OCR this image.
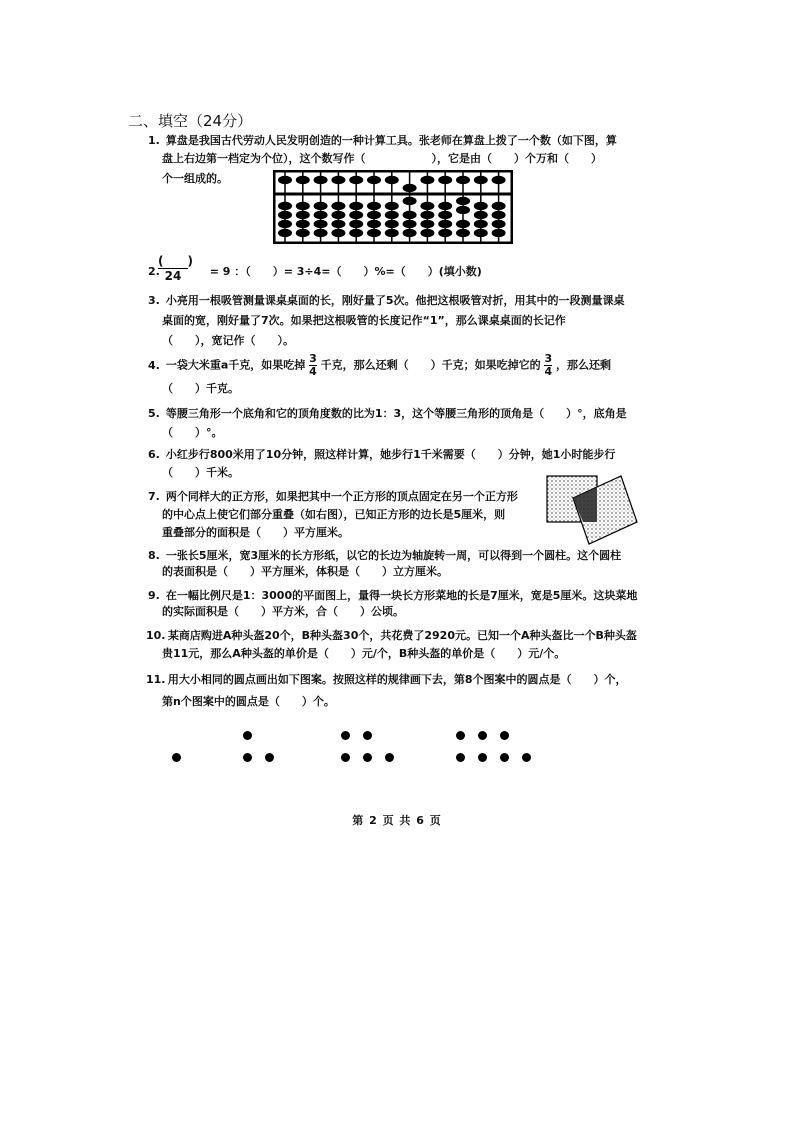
二、填空（24分）
1. 算盘是我国古代劳动人民发明创造的一种计算工具。张老师在算盘上拨了一个数（如下图，算
盘上右边第一档定为个位），这个数写作（　　　　　　），它是由（　　）个万和（　　）
个一组成的。
(　　)
24
2.	= 9 ：（　　）= 3÷4=（　　）%=（　　）(填小数)
3. 小亮用一根吸管测量课桌桌面的长，刚好量了5次。他把这根吸管对折，用其中的一段测量课桌
桌面的宽，刚好量了7次。如果把这根吸管的长度记作“1”，那么课桌桌面的长记作
（　　），宽记作（　　）。
4. 一袋大米重a千克，如果吃掉 $\frac{3}{4}$ 千克，那么还剩（　　）千克；如果吃掉它的 $\frac{3}{4}$ ，那么还剩
（　　）千克。
5. 等腰三角形一个底角和它的顶角度数的比为1：3，这个等腰三角形的顶角是（　　）°，底角是
（　　）°。
6. 小红步行800米用了10分钟，照这样计算，她步行1千米需要（　　）分钟，她1小时能步行
（　　）千米。
7. 两个同样大的正方形，如果把其中一个正方形的顶点固定在另一个正方形
的中心点上使它们部分重叠（如右图），已知正方形的边长是5厘米，则
重叠部分的面积是（　　）平方厘米。
8. 一张长5厘米，宽3厘米的长方形纸，以它的长边为轴旋转一周，可以得到一个圆柱。这个圆柱
的表面积是（　　）平方厘米，体积是（　　）立方厘米。
9. 在一幅比例尺是1：3000的平面图上，量得一块长方形菜地的长是7厘米，宽是5厘米。这块菜地
的实际面积是（　　）平方米，合（　　）公顷。
10. 某商店购进A种头盔20个，B种头盔30个，共花费了2920元。已知一个A种头盔比一个B种头盔
贵11元，那么A种头盔的单价是（　　）元/个，B种头盔的单价是（　　）元/个。
11. 用大小相同的圆点画出如下图案。按照这样的规律画下去，第8个图案中的圆点是（　　）个，
第n个图案中的圆点是（　　）个。
第 2 页 共 6 页
